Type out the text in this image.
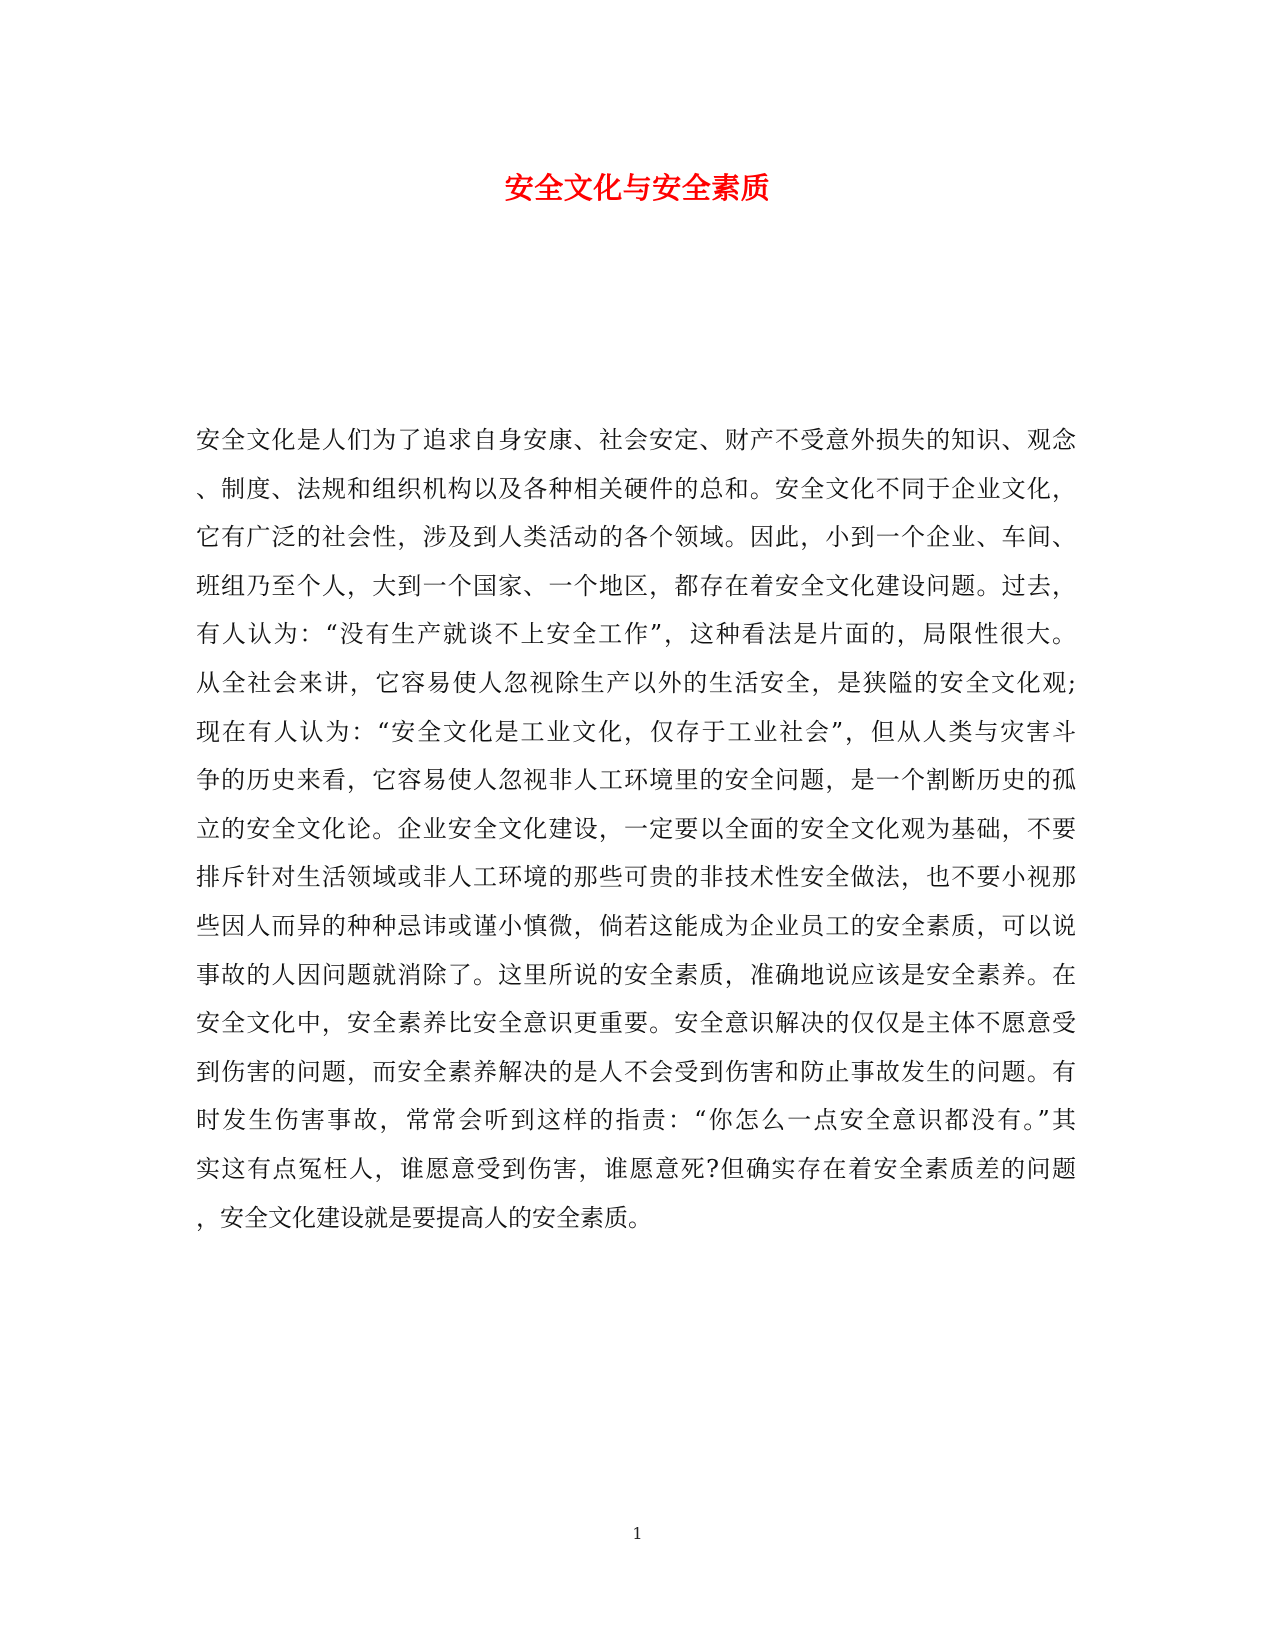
安全文化与安全素质
安全文化是人们为了追求自身安康、社会安定、财产不受意外损失的知识、观念
、制度、法规和组织机构以及各种相关硬件的总和。安全文化不同于企业文化，
它有广泛的社会性，涉及到人类活动的各个领域。因此，小到一个企业、车间、
班组乃至个人，大到一个国家、一个地区，都存在着安全文化建设问题。过去，
有人认为：“没有生产就谈不上安全工作”，这种看法是片面的，局限性很大。
从全社会来讲，它容易使人忽视除生产以外的生活安全，是狭隘的安全文化观;
现在有人认为：“安全文化是工业文化，仅存于工业社会”，但从人类与灾害斗
争的历史来看，它容易使人忽视非人工环境里的安全问题，是一个割断历史的孤
立的安全文化论。企业安全文化建设，一定要以全面的安全文化观为基础，不要
排斥针对生活领域或非人工环境的那些可贵的非技术性安全做法，也不要小视那
些因人而异的种种忌讳或谨小慎微，倘若这能成为企业员工的安全素质，可以说
事故的人因问题就消除了。这里所说的安全素质，准确地说应该是安全素养。在
安全文化中，安全素养比安全意识更重要。安全意识解决的仅仅是主体不愿意受
到伤害的问题，而安全素养解决的是人不会受到伤害和防止事故发生的问题。有
时发生伤害事故，常常会听到这样的指责：“你怎么一点安全意识都没有。”其
实这有点冤枉人，谁愿意受到伤害，谁愿意死?但确实存在着安全素质差的问题
，安全文化建设就是要提高人的安全素质。
1
